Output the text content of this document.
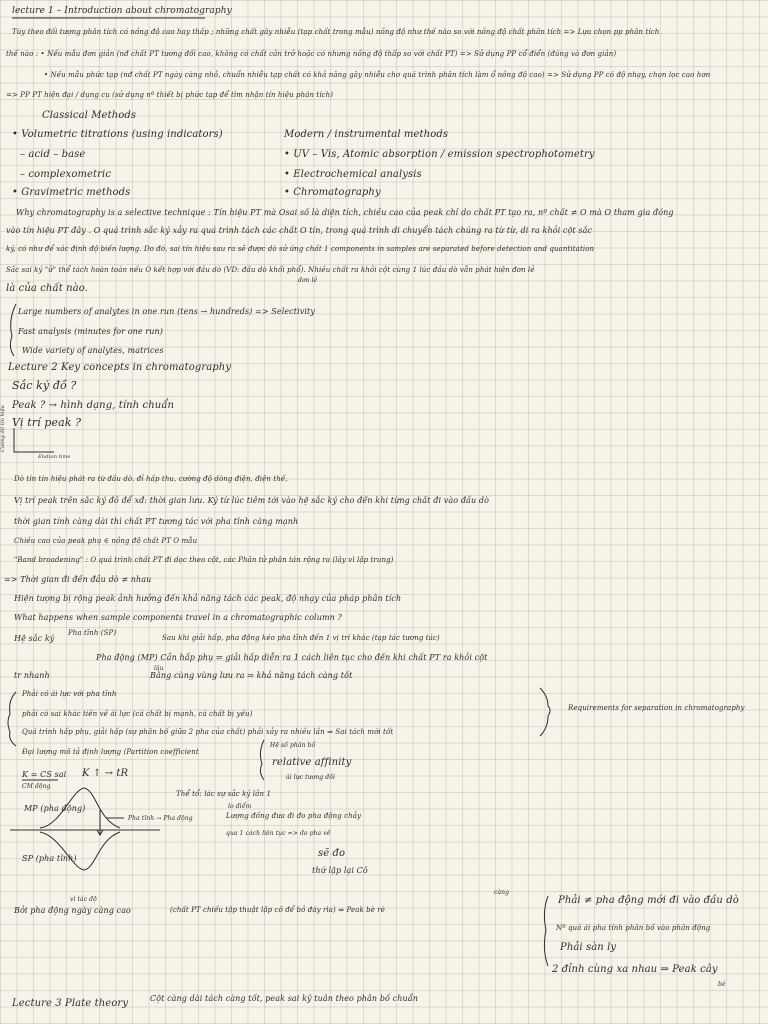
lecture 1 – Introduction about chromatography
Tùy theo đối tượng phân tích có nồng độ cao hay thấp ; những chất gây nhiễu (tạp chất trong mẫu) nồng độ như thế nào so với nồng độ chất phân tích => Lựa chọn pp phân tích
thế nào : • Nếu mẫu đơn giản (nđ chất PT tương đối cao, không có chất cản trở hoặc có nhưng nồng độ thấp so với chất PT) => Sử dụng PP cổ điển (đúng và đơn giản)
• Nếu mẫu phức tạp (nđ chất PT ngày càng nhỏ, chuẩn nhiễu tạp chất có khả năng gây nhiễu cho quá trình phân tích làm ổ nồng độ cao) => Sử dụng PP có độ nhạy, chọn lọc cao hơn
=> PP PT hiện đại / dụng cụ (sử dụng nº thiết bị phức tạp để tìm nhận tín hiệu phân tích)
Classical Methods
• Volumetric titrations (using indicators)	Modern / instrumental methods
– acid – base	• UV – Vis, Atomic absorption / emission spectrophotometry
– complexometric	• Electrochemical analysis
• Gravimetric methods	• Chromatography
Why chromatography is a selective technique : Tín hiệu PT mà Osai số là diện tích, chiều cao của peak chỉ do chất PT tạo ra, nº chất ≠ O mà O tham gia đóng
vào tín hiệu PT đây . O quá trình sắc ký xảy ra quá trình tách các chất O tín, trong quá trình di chuyển tách chúng ra từ từ, di ra khỏi cột sắc
ký, có như để xác định độ biến lượng. Do đó, sai tín hiệu sau ra sẽ được dò sử ứng chất 1 components in samples are separated before detection and quantitation
Sắc sai ký "ử" thể tách hoàn toàn nếu O kết hợp với đầu dò (VD: đầu dò khối phổ). Nhiều chất ra khỏi cột cùng 1 lúc đầu dò vẫn phát hiện đơn lẻ
đơn lẻ
là của chất nào.
Large numbers of analytes in one run (tens → hundreds) => Selectivity
Fast analysis (minutes for one run)
Wide variety of analytes, matrices
Lecture 2 Key concepts in chromatography
Sắc ký đồ ?
Peak ? → hình dạng, tính chuẩn
Vị trí peak ?
Cường độ tín hiệu
Elution time
Dò tín tín hiệu phát ra từ đầu dò. đỉ hấp thu, cường độ dòng điện, điện thế,
Vị trí peak trên sắc ký đồ để xđ: thời gian lưu. Ký từ lúc tiêm tới vào hệ sắc ký cho đến khi từng chất đi vào đầu dò
thời gian tính càng dài thì chất PT tương tác với pha tĩnh càng mạnh
Chiều cao của peak phụ ∈ nồng độ chất PT O mẫu
"Band broadening" : O quá trình chất PT đi dọc theo cột, các Phân tử phân tán rộng ra (lây vì lập trung)
=> Thời gian đi đến đầu dò ≠ nhau
Hiện tượng bị rộng peak ảnh hưởng đến khả năng tách các peak, độ nhạy của pháp phân tích
What happens when sample components travel in a chromatographic column ?
Hệ sắc ký
Pha tĩnh (SP)
Sau khi giải hấp, pha động kéo pha tĩnh đến 1 vị trí khác (tạp tác tương tác)
Pha động (MP) Cần hấp phụ ⇌ giải hấp diễn ra 1 cách liên tục cho đến khi chất PT ra khỏi cột
tr nhanh	Bằng cùng vùng lưu ra ⇒ khả năng tách càng tốt
lâu
Phải có ái lực với pha tĩnh
phải có sai khác tiền về ái lực (cá chất bị mạnh, cá chất bị yếu)
Quá trình hấp phụ, giải hấp (sự phân bố giữa 2 pha của chất) phải xảy ra nhiều lần ⇒ Sai tách mới tốt
Đại lượng mô tả định lượng (Partition coefficient
Hệ số phân bố
relative affinity
ái lực tương đối
K = CS sai
CM động
K ↑ → tR
Thể tổ: lác sự sắc ký lần 1
lo điểm
Lượng đồng đưa đi đo pha động chảy
qua 1 cách liên tục => đo pha về
sẽ đo
thứ lập lại Cô
MP (pha động)
SP (pha tĩnh)
Pha tĩnh → Pha động
Bởi pha động ngày càng cao
vì tác độ
(chất PT chiếu tập thuật lập cô để bỏ đáy rìa) ⇒ Peak bè rè
càng
Requirements for separation in chromatography
Phải ≠ pha động mới đi vào đầu dò
Nº quá ái pha tính phân bố vào phân động
Phải sàn ly
2 đỉnh cùng xa nhau ⇒ Peak cây
bè
Lecture 3 Plate theory	Cột càng dài tách càng tốt, peak sai kỹ tuân theo phân bố chuẩn
